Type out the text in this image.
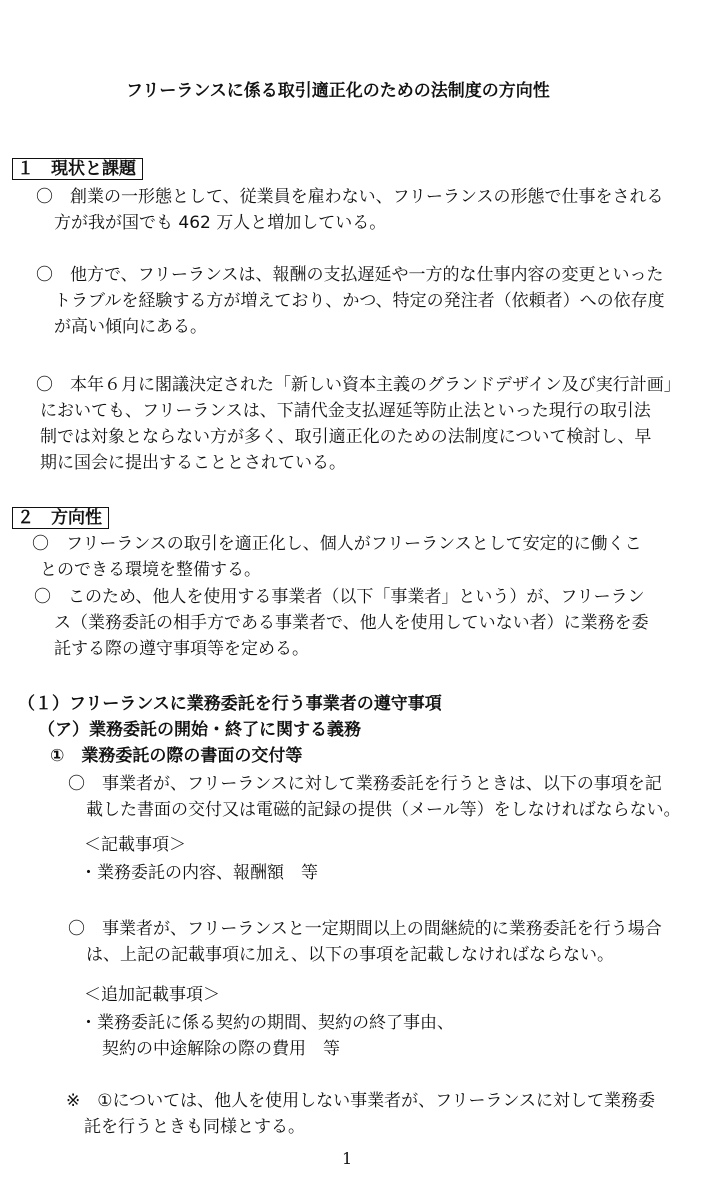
フリーランスに係る取引適正化のための法制度の方向性
１　現状と課題
〇　創業の一形態として、従業員を雇わない、フリーランスの形態で仕事をされる
方が我が国でも 462 万人と増加している。
〇　他方で、フリーランスは、報酬の支払遅延や一方的な仕事内容の変更といった
トラブルを経験する方が増えており、かつ、特定の発注者（依頼者）への依存度
が高い傾向にある。
〇　本年６月に閣議決定された「新しい資本主義のグランドデザイン及び実行計画」
においても、フリーランスは、下請代金支払遅延等防止法といった現行の取引法
制では対象とならない方が多く、取引適正化のための法制度について検討し、早
期に国会に提出することとされている。
２　方向性
〇　フリーランスの取引を適正化し、個人がフリーランスとして安定的に働くこ
とのできる環境を整備する。
〇　このため、他人を使用する事業者（以下「事業者」という）が、フリーラン
ス（業務委託の相手方である事業者で、他人を使用していない者）に業務を委
託する際の遵守事項等を定める。
（１）フリーランスに業務委託を行う事業者の遵守事項
（ア）業務委託の開始・終了に関する義務
①　業務委託の際の書面の交付等
〇　事業者が、フリーランスに対して業務委託を行うときは、以下の事項を記
載した書面の交付又は電磁的記録の提供（メール等）をしなければならない。
＜記載事項＞
・業務委託の内容、報酬額　等
〇　事業者が、フリーランスと一定期間以上の間継続的に業務委託を行う場合
は、上記の記載事項に加え、以下の事項を記載しなければならない。
＜追加記載事項＞
・業務委託に係る契約の期間、契約の終了事由、
契約の中途解除の際の費用　等
※　①については、他人を使用しない事業者が、フリーランスに対して業務委
託を行うときも同様とする。
1
